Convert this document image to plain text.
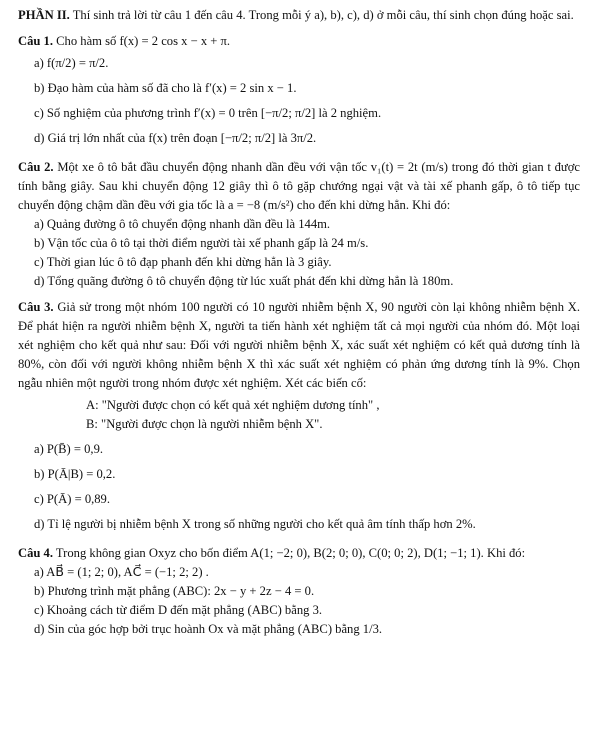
PHẦN II. Thí sinh trả lời từ câu 1 đến câu 4. Trong mỗi ý a), b), c), d) ở mỗi câu, thí sinh chọn đúng hoặc sai.

Câu 1. Cho hàm số f(x) = 2 cos x − x + π.
a) f(π/2) = π/2.
b) Đạo hàm của hàm số đã cho là f′(x) = 2 sin x − 1.
c) Số nghiệm của phương trình f′(x) = 0 trên [−π/2; π/2] là 2 nghiệm.
d) Giá trị lớn nhất của f(x) trên đoạn [−π/2; π/2] là 3π/2.
Câu 2. Một xe ô tô bắt đầu chuyển động nhanh dần đều với vận tốc v₁(t) = 2t (m/s) trong đó thời gian t được tính bằng giây. Sau khi chuyển động 12 giây thì ô tô gặp chướng ngại vật và tài xế phanh gấp, ô tô tiếp tục chuyển động chậm dần đều với gia tốc là a = −8 (m/s²) cho đến khi dừng hẳn. Khi đó:
a) Quảng đường ô tô chuyển động nhanh dần đều là 144m.
b) Vận tốc của ô tô tại thời điểm người tài xế phanh gấp là 24 m/s.
c) Thời gian lúc ô tô đạp phanh đến khi dừng hẳn là 3 giây.
d) Tổng quãng đường ô tô chuyển động từ lúc xuất phát đến khi dừng hẳn là 180m.
Câu 3. Giả sử trong một nhóm 100 người có 10 người nhiễm bệnh X, 90 người còn lại không nhiễm bệnh X. Để phát hiện ra người nhiễm bệnh X, người ta tiến hành xét nghiệm tất cả mọi người của nhóm đó. Một loại xét nghiệm cho kết quả như sau: Đối với người nhiễm bệnh X, xác suất xét nghiệm có kết quả dương tính là 80%, còn đối với người không nhiễm bệnh X thì xác suất xét nghiệm có phản ứng dương tính là 9%. Chọn ngẫu nhiên một người trong nhóm được xét nghiệm. Xét các biến cố:
A: "Người được chọn có kết quả xét nghiệm dương tính" ,
B: "Người được chọn là người nhiễm bệnh X".
a) P(B̄) = 0,9.
b) P(Ā|B) = 0,2.
c) P(Ā) = 0,89.
d) Tỉ lệ người bị nhiễm bệnh X trong số những người cho kết quả âm tính thấp hơn 2%.
Câu 4. Trong không gian Oxyz cho bốn điểm A(1; −2; 0), B(2; 0; 0), C(0; 0; 2), D(1; −1; 1). Khi đó:
a) AB⃗ = (1; 2; 0), AC⃗ = (−1; 2; 2) .
b) Phương trình mặt phẳng (ABC): 2x − y + 2z − 4 = 0.
c) Khoảng cách từ điểm D đến mặt phẳng (ABC) bằng 3.
d) Sin của góc hợp bởi trục hoành Ox và mặt phẳng (ABC) bằng 1/3.
